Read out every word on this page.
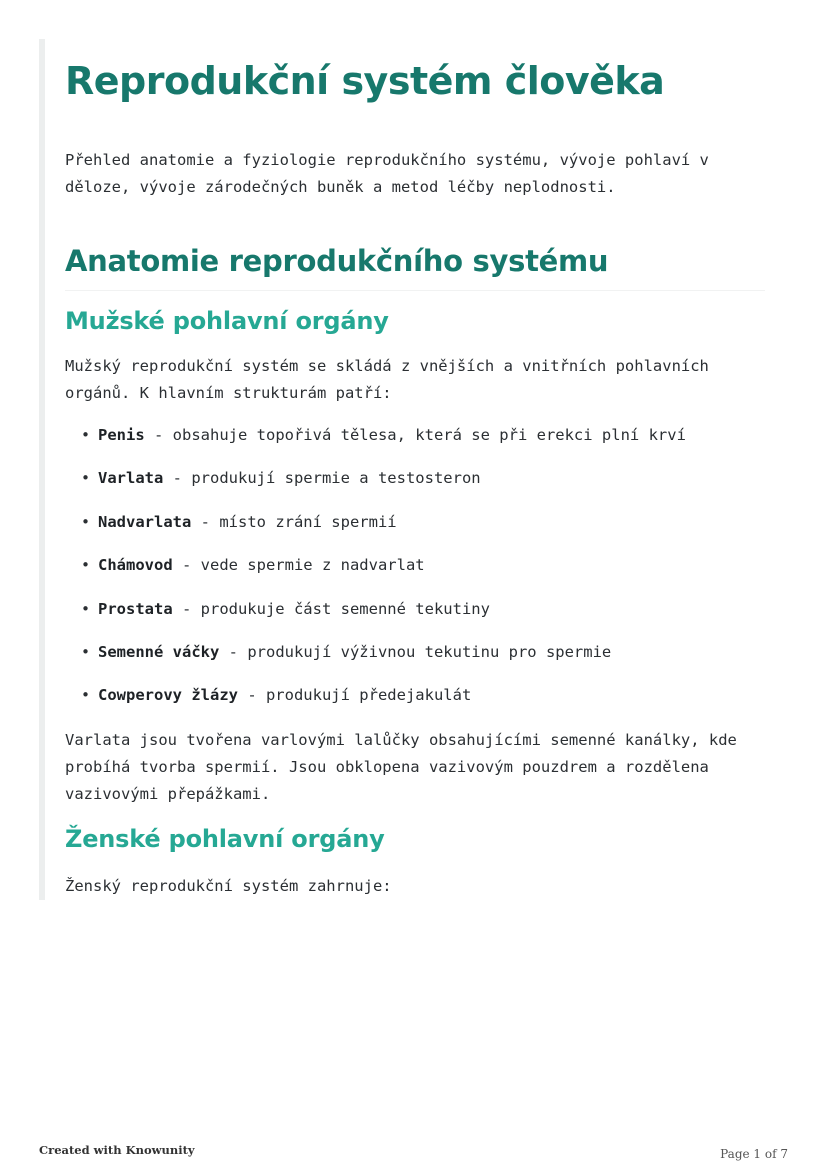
Reprodukční systém člověka

Přehled anatomie a fyziologie reprodukčního systému, vývoje pohlaví v děloze, vývoje zárodečných buněk a metod léčby neplodnosti.

Anatomie reprodukčního systému
Mužské pohlavní orgány

Mužský reprodukční systém se skládá z vnějších a vnitřních pohlavních orgánů. K hlavním strukturám patří:

• Penis - obsahuje topořivá tělesa, která se při erekci plní krví
• Varlata - produkují spermie a testosteron
• Nadvarlata - místo zrání spermií
• Chámovod - vede spermie z nadvarlat
• Prostata - produkuje část semenné tekutiny
• Semenné váčky - produkují výživnou tekutinu pro spermie
• Cowperovy žlázy - produkují předejakulát

Varlata jsou tvořena varlovými lalůčky obsahujícími semenné kanálky, kde probíhá tvorba spermií. Jsou obklopena vazivovým pouzdrem a rozdělena vazivovými přepážkami.

Ženské pohlavní orgány

Ženský reprodukční systém zahrnuje:

Created with Knowunity	Page 1 of 7
